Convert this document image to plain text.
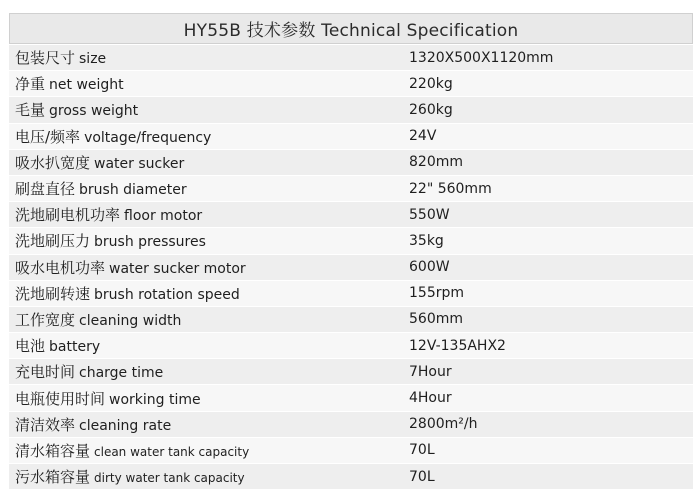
HY55B 技术参数 Technical Specification
包装尺寸 size	1320X500X1120mm
净重 net weight	220kg
毛量 gross weight	260kg
电压/频率 voltage/frequency	24V
吸水扒宽度 water sucker	820mm
刷盘直径 brush diameter	22" 560mm
洗地刷电机功率 floor motor	550W
洗地刷压力 brush pressures	35kg
吸水电机功率 water sucker motor	600W
洗地刷转速 brush rotation speed	155rpm
工作宽度 cleaning width	560mm
电池 battery	12V-135AHX2
充电时间 charge time	7Hour
电瓶使用时间 working time	4Hour
清洁效率 cleaning rate	2800m²/h
清水箱容量 clean water tank capacity	70L
污水箱容量 dirty water tank capacity	70L
